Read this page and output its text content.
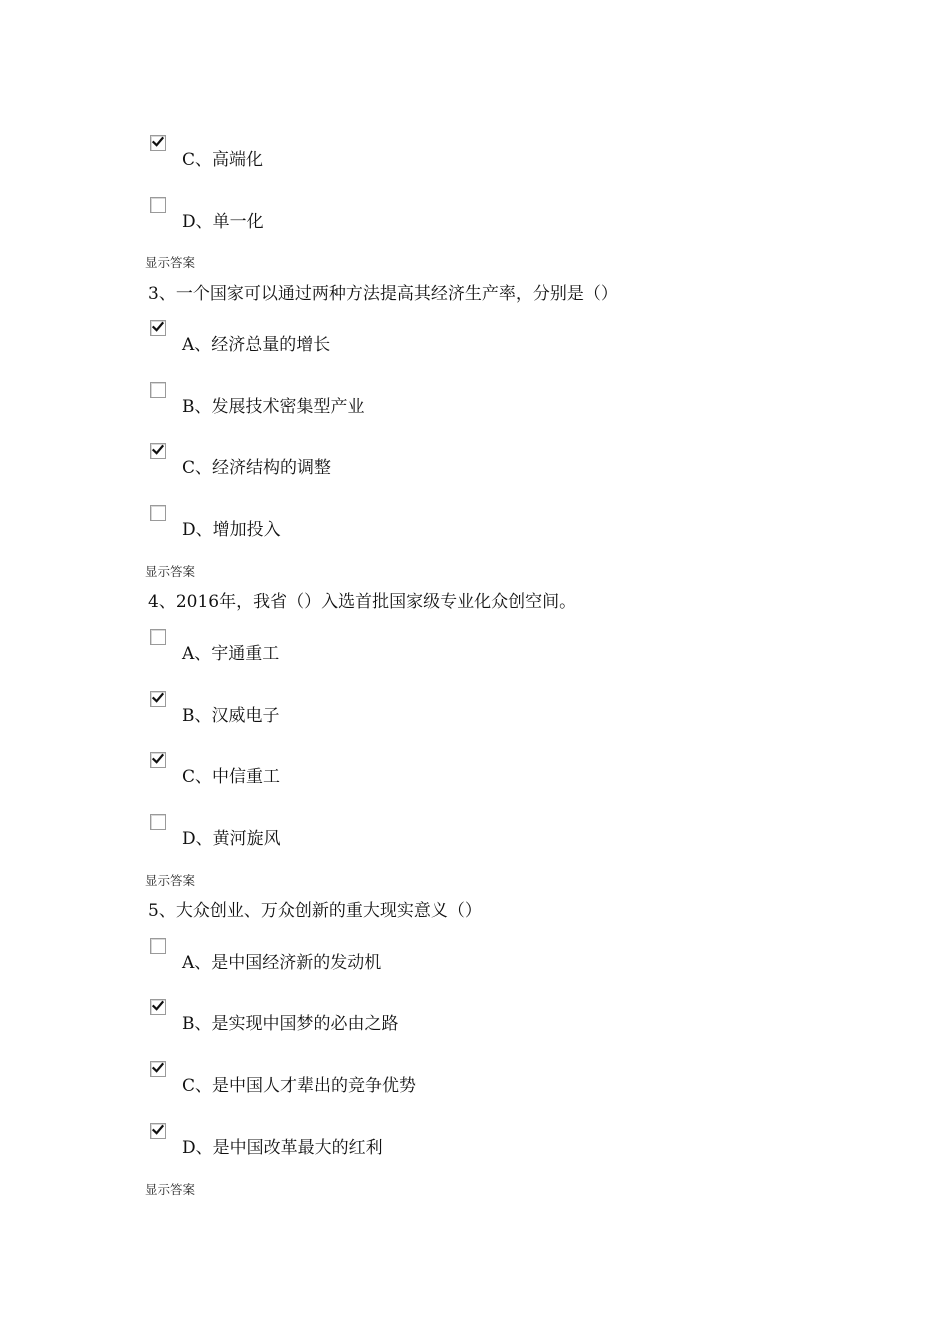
C、高端化
D、单一化
显示答案
3、一个国家可以通过两种方法提高其经济生产率，分别是（）
A、经济总量的增长
B、发展技术密集型产业
C、经济结构的调整
D、增加投入
显示答案
4、2016年，我省（）入选首批国家级专业化众创空间。
A、宇通重工
B、汉威电子
C、中信重工
D、黄河旋风
显示答案
5、大众创业、万众创新的重大现实意义（）
A、是中国经济新的发动机
B、是实现中国梦的必由之路
C、是中国人才辈出的竞争优势
D、是中国改革最大的红利
显示答案
